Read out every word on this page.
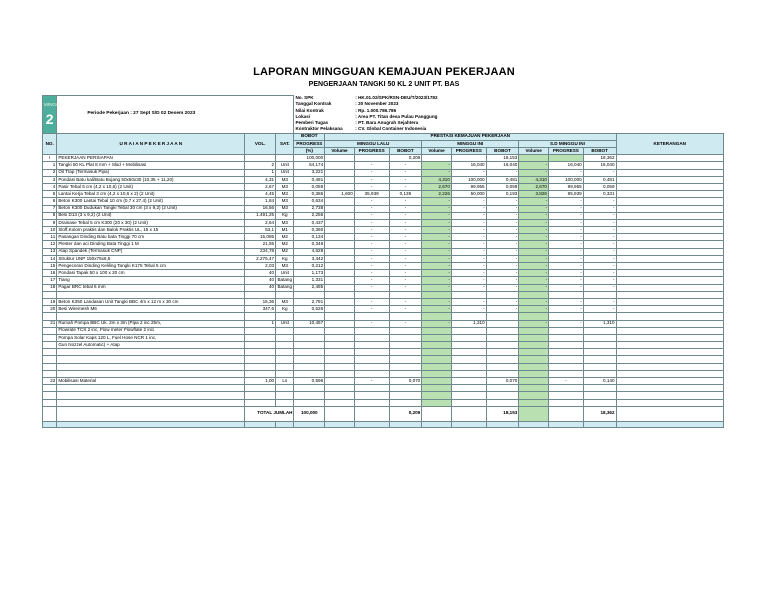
LAPORAN MINGGUAN KEMAJUAN PEKERJAAN
PENGERJAAN TANGKI 50 KL 2 UNIT PT. BAS
MINGGU
2	Periode Pekerjaan : 27 Sept S/D 02 Desem 2023			No. SPK		: HK.01.02/SPK/RSN-DEU/T/2023/1782								
				Tanggal Kontrak		: 20 November 2023								
				Nilai Kontrak		: Rp. 1.000.786.786								
				Lokasi		: Area PT. Titan desa Pulau Panggung								
				Pemberi Tugas		: PT. Bara Anugrah Sejahtera								
				Kontraktor Pelaksana		: CV. Global Container Indonesia								
NO.	U R A I A N P E K E R J A A N	VOL.	SAT.	BOBOT	PRESTASI KEMAJUAN PEKERJAAN									KETERANGAN
				PROGRESS	MINGGU LALU			MINGGU INI			S.D MINGGU INI			
				(%)	Volume	PROGRESS	BOBOT	Volume	PROGRESS	BOBOT	Volume	PROGRESS	BOBOT	
I	PEKERJAAN PERSIAPAN			100,000			0,209			18,153			18,362	
1	Tangki 50 KL Plat 8 mm + Skid + Mobilisasi	2	Unit	64,174		-	-	-	16,040	16,040	-	16,040	16,040	
2	Oil Trap (Termasuk Pipa)	1	Unit	3,221		-	-	-	-	-	-	-	-	
3	Pondasi Batu kali/Batu Bujang 50x50x30 (10,35 + 11,20)	4,31	M3	0,481		-	-	4,310	100,000	0,481	4,310	100,000	0,481	
4	Pasir Tebal 5 cm (4,2 x 10,6) (2 Unit)	2,67	M3	0,059		-	-	2,670	99,955	0,059	2,670	99,955	0,059	
5	Lantai Kerja Tebal 3 cm (4,2 x 10,6 x 2) (2 Unit)	4,45	M3	0,386	1,600	35,939	0,139	2,226	50,000	0,193	3,826	85,939	0,331	
6	Beton K300 Lantai Tebal 10 cm (0,7 x 27,4) (2 Unit)	1,84	M3	0,634		-	-	-	-	-	-	-	-	
7	Beton K300 Dudukan Tangki Tebal 30 cm (3 x 9,2) (2 Unit)	16,56	M3	2,738		-	-	-	-	-	-	-	-	
8	Besi D13 (3 x 9,2) (2 Unit)	1.491,25	Kg	2,256		-	-	-	-	-	-	-	-	
9	Drainase Tebal 5 cm K300 (20 x 30) (2 Unit)	2,64	M3	0,437		-	-	-	-	-	-	-	-	
10	Sloff,Kolom praktis dan Balok Praktis UL, 15 x 15	53,1	M1	0,360		-	-	-	-	-	-	-	-	
11	Pasangan Dinding Batu bata Tinggi 70 cm	15,085	M2	0,134		-	-	-	-	-	-	-	-	
12	Plester dan aci Dinding Bata Tinggi 1 M	21,55	M2	0,348		-	-	-	-	-	-	-	-	
13	Atap Spandek (Termasuk CNP)	234,78	M2	4,628		-	-	-	-	-	-	-	-	
14	Struktur UNP 150x75x6,5	2.275,47	Kg	3,442		-	-	-	-	-	-	-	-	
15	Pengecoran Dinding Keliling Tangki K175 Tebal 5 cm	2,03	M3	0,212		-	-	-	-	-	-	-	-	
16	Pondasi Tapak 50 x 100 x 20 cm	40	Unit	1,173		-	-	-	-	-	-	-	-	
17	Tiang	40	Batang	1,331		-	-	-	-	-	-	-	-	
18	Pagar BRC tebal 6 mm	40	Batang	2,485		-	-	-	-	-	-	-	-	

19	Beton K350 Landasan Unit Tangki BBC 4m x 12 m x 30 cm	15,36	M3	2,781		-	-	-	-	-	-	-	-	
20	Besi Wiremesh M6	347,6	Kg	0,526		-	-	-	-	-	-	-	-	

21	Rumah Pompa BBC Uk. 2m x 3m (Pipa 2 inc 25m,	1	Unit	10,457		-	-	-	1,310		-	-	1,310	
	Flowrate TCS 2 inc, Flow meter Flowflate 2 inci													
	Pompa Solar Kaps 120 L, Fuel Hose NCR 1 inc,													
	Gun Nozzel Automatic) + Atap													

22	Mobilisasi Material	1,00	Ls	0,596		-	0,070			0,070		-	0,140	

		TOTAL JUMLAH		100,000			0,209			18,153			18,362	
